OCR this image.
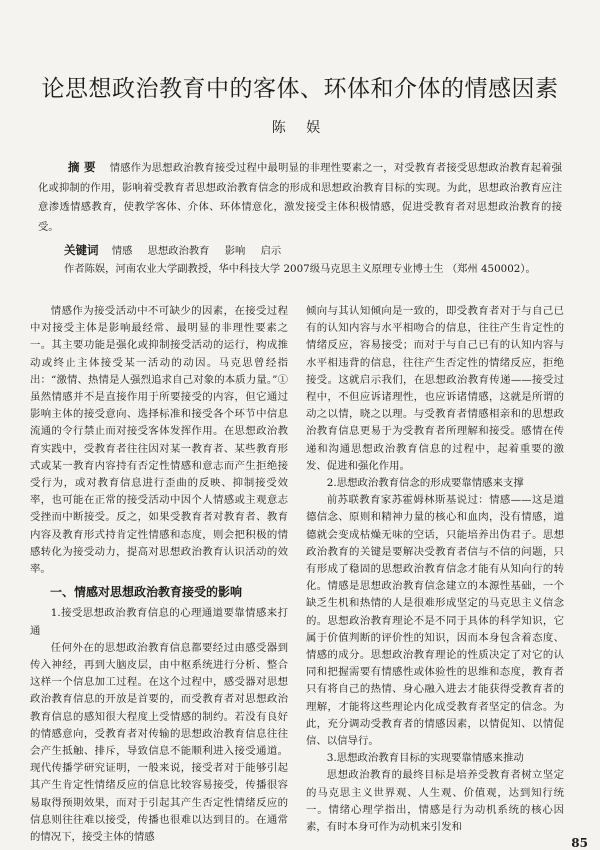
论思想政治教育中的客体、环体和介体的情感因素
陈 娱
摘 要 情感作为思想政治教育接受过程中最明显的非理性要素之一，对受教育者接受思想政治教育起着强化或抑制的作用，影响着受教育者思想政治教育信念的形成和思想政治教育目标的实现。为此，思想政治教育应注意渗透情感教育，使教学客体、介体、环体情意化，激发接受主体积极情感，促进受教育者对思想政治教育的接受。
关键词 情感 思想政治教育 影响 启示
作者陈娱，河南农业大学副教授，华中科技大学 2007级马克思主义原理专业博士生 （郑州 450002）。

情感作为接受活动中不可缺少的因素，在接受过程中对接受主体是影响最经常、最明显的非理性要素之一。其主要功能是强化或抑制接受活动的运行，构成推动或终止主体接受某一活动的动因。马克思曾经指出：“激情、热情是人强烈追求自己对象的本质力量。”①虽然情感并不是直接作用于所要接受的内容，但它通过影响主体的接受意向、选择标准和接受各个环节中信息流通的令行禁止而对接受客体发挥作用。在思想政治教育实践中，受教育者往往因对某一教育者、某些教育形式或某一教育内容持有否定性情感和意志而产生拒绝接受行为，或对教育信息进行歪曲的反映、抑制接受效率，也可能在正常的接受活动中因个人情感或主观意志受挫而中断接受。反之，如果受教育者对教育者、教育内容及教育形式持肯定性情感和态度，则会把积极的情感转化为接受动力，提高对思想政治教育认识活动的效率。

一、情感对思想政治教育接受的影响

1.接受思想政治教育信息的心理通道要靠情感来打通

任何外在的思想政治教育信息都要经过由感受器到传入神经，再到大脑皮层，由中枢系统进行分析、整合这样一个信息加工过程。在这个过程中，感受器对思想政治教育信息的开放是首要的，而受教育者对思想政治教育信息的感知很大程度上受情感的制约。若没有良好的情感意向，受教育者对传输的思想政治教育信息往往会产生抵触、排斥，导致信息不能顺利进入接受通道。现代传播学研究证明，一般来说，接受者对于能够引起其产生肯定性情绪反应的信息比较容易接受，传播很容易取得预期效果，而对于引起其产生否定性情绪反应的信息则往往难以接受，传播也很难以达到目的。在通常的情况下，接受主体的情感

倾向与其认知倾向是一致的，即受教育者对于与自己已有的认知内容与水平相吻合的信息，往往产生肯定性的情绪反应，容易接受；而对于与自己已有的认知内容与水平相违背的信息，往往产生否定性的情绪反应，拒绝接受。这就启示我们，在思想政治教育传递——接受过程中，不但应诉诸理性，也应诉诸情感，这就是所谓的动之以情，晓之以理。与受教育者情感相亲和的思想政治教育信息更易于为受教育者所理解和接受。感情在传递和沟通思想政治教育信息的过程中，起着重要的激发、促进和强化作用。

2.思想政治教育信念的形成要靠情感来支撑

前苏联教育家苏霍姆林斯基说过：情感——这是道德信念、原则和精神力量的核心和血肉，没有情感，道德就会变成枯燥无味的空话，只能培养出伪君子。思想政治教育的关键是要解决受教育者信与不信的问题，只有形成了稳固的思想政治教育信念才能有从知向行的转化。情感是思想政治教育信念建立的本源性基础，一个缺乏生机和热情的人是很难形成坚定的马克思主义信念的。思想政治教育理论不是不同于具体的科学知识，它属于价值判断的评价性的知识，因而本身包含着态度、情感的成分。思想政治教育理论的性质决定了对它的认同和把握需要有情感性或体验性的思维和态度，教育者只有将自己的热情、身心融入进去才能获得受教育者的理解，才能将这些理论内化成受教育者坚定的信念。为此，充分调动受教育者的情感因素，以情促知、以情促信、以信导行。

3.思想政治教育目标的实现要靠情感来推动

思想政治教育的最终目标是培养受教育者树立坚定的马克思主义世界观、人生观、价值观，达到知行统一。情绪心理学指出，情感是行为动机系统的核心因素，有时本身可作为动机来引发和

85
